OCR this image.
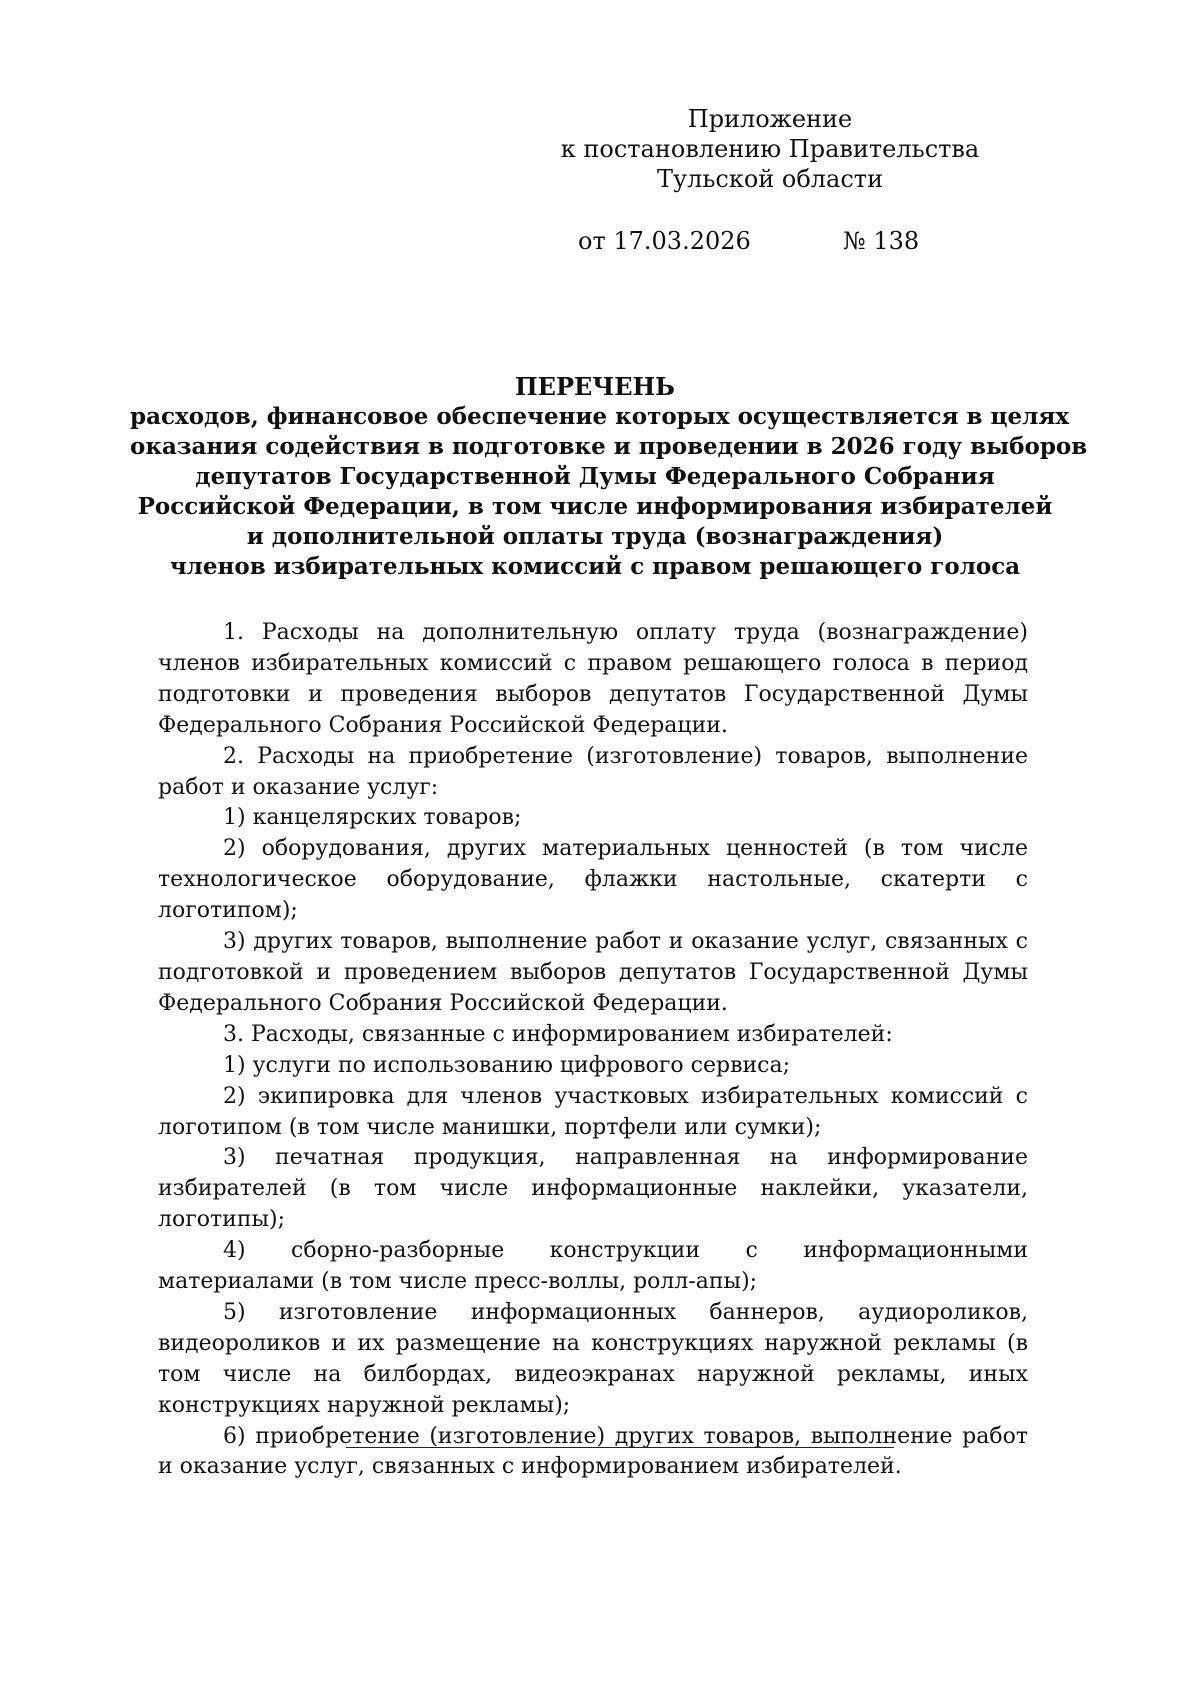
Приложение
к постановлению Правительства
Тульской области
от 17.03.2026	№ 138
ПЕРЕЧЕНЬ
расходов, финансовое обеспечение которых осуществляется в целях
оказания содействия в подготовке и проведении в 2026 году выборов
депутатов Государственной Думы Федерального Собрания
Российской Федерации, в том числе информирования избирателей
и дополнительной оплаты труда (вознаграждения)
членов избирательных комиссий с правом решающего голоса

1. Расходы на дополнительную оплату труда (вознаграждение) членов избирательных комиссий с правом решающего голоса в период подготовки и проведения выборов депутатов Государственной Думы Федерального Собрания Российской Федерации.

2. Расходы на приобретение (изготовление) товаров, выполнение работ и оказание услуг:

1) канцелярских товаров;

2) оборудования, других материальных ценностей (в том числе технологическое оборудование, флажки настольные, скатерти с логотипом);

3) других товаров, выполнение работ и оказание услуг, связанных с подготовкой и проведением выборов депутатов Государственной Думы Федерального Собрания Российской Федерации.

3. Расходы, связанные с информированием избирателей:

1) услуги по использованию цифрового сервиса;

2) экипировка для членов участковых избирательных комиссий с логотипом (в том числе манишки, портфели или сумки);

3) печатная продукция, направленная на информирование избирателей (в том числе информационные наклейки, указатели, логотипы);

4) сборно-разборные конструкции с информационными материалами (в том числе пресс-воллы, ролл-апы);

5) изготовление информационных баннеров, аудиороликов, видеороликов и их размещение на конструкциях наружной рекламы (в том числе на билбордах, видеоэкранах наружной рекламы, иных конструкциях наружной рекламы);

6) приобретение (изготовление) других товаров, выполнение работ и оказание услуг, связанных с информированием избирателей.
